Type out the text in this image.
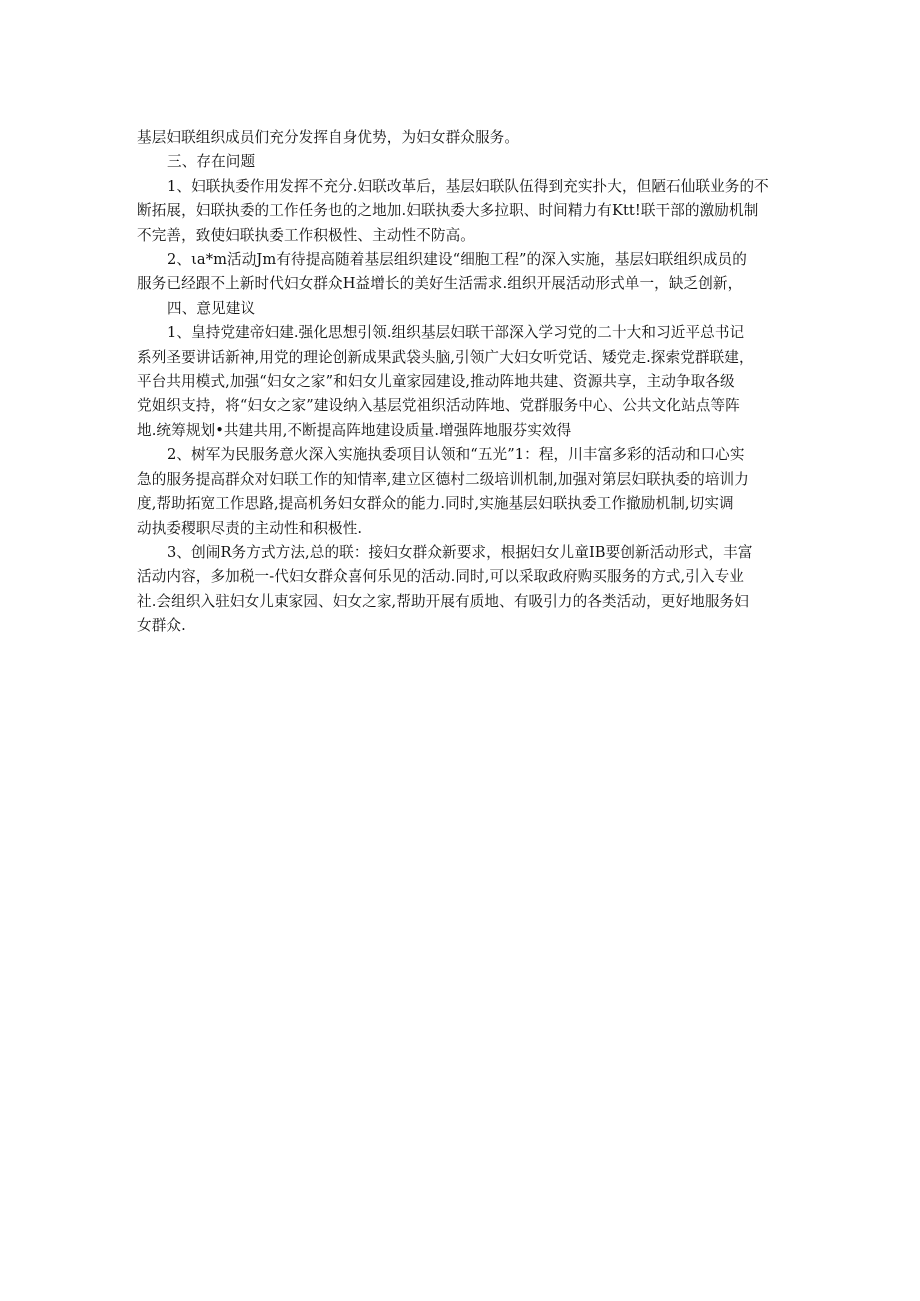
基层妇联组织成员们充分发挥自身优势，为妇女群众服务。

三、存在问题

1、妇联执委作用发挥不充分.妇联改革后，基层妇联队伍得到充实扑大，但陋石仙联业务的不

断拓展，妇联执委的工作任务也的之地加.妇联执委大多拉职、时间精力有Ktt!联干部的激励机制

不完善，致使妇联执委工作积极性、主动性不防高。

2、ιa*m活动Jm有待提高随着基层组织建设“细胞工程”的深入实施，基层妇联组织成员的

服务已经跟不上新时代妇女群众H益增长的美好生活需求.组织开展活动形式单一，缺乏创新，

四、意见建议

1、皇持党建帝妇建.强化思想引领.组织基层妇联干部深入学习党的二十大和习近平总书记

系列圣要讲话新神,用党的理论创新成果武袋头脑,引领广大妇女听党话、矮党走.探索党群联建，

平台共用模式,加强“妇女之家”和妇女儿童家园建设,推动阵地共建、资源共享，主动争取各级

党姐织支持，将“妇女之家”建设纳入基层党祖织活动阵地、党群服务中心、公共文化站点等阵

地.统筹规划•共建共用,不断提高阵地建设质量.增强阵地服芬实效得

2、树军为民服务意火深入实施执委项目认领和“五光”1：程，川丰富多彩的活动和口心实

急的服务提高群众对妇联工作的知情率,建立区德村二级培训机制,加强对第层妇联执委的培训力

度,帮助拓宽工作思路,提高机务妇女群众的能力.同时,实施基层妇联执委工作撤励机制,切实调

动执委稷职尽责的主动性和积极性.

3、创闹R务方式方法,总的联：接妇女群众新要求，根据妇女儿童IB要创新活动形式，丰富

活动内容，多加税一-代妇女群众喜何乐见的活动.同时,可以采取政府购买服务的方式,引入专业

社.会组织入驻妇女儿東家园、妇女之家,帮助开展有质地、有吸引力的各类活动，更好地服务妇

女群众.
